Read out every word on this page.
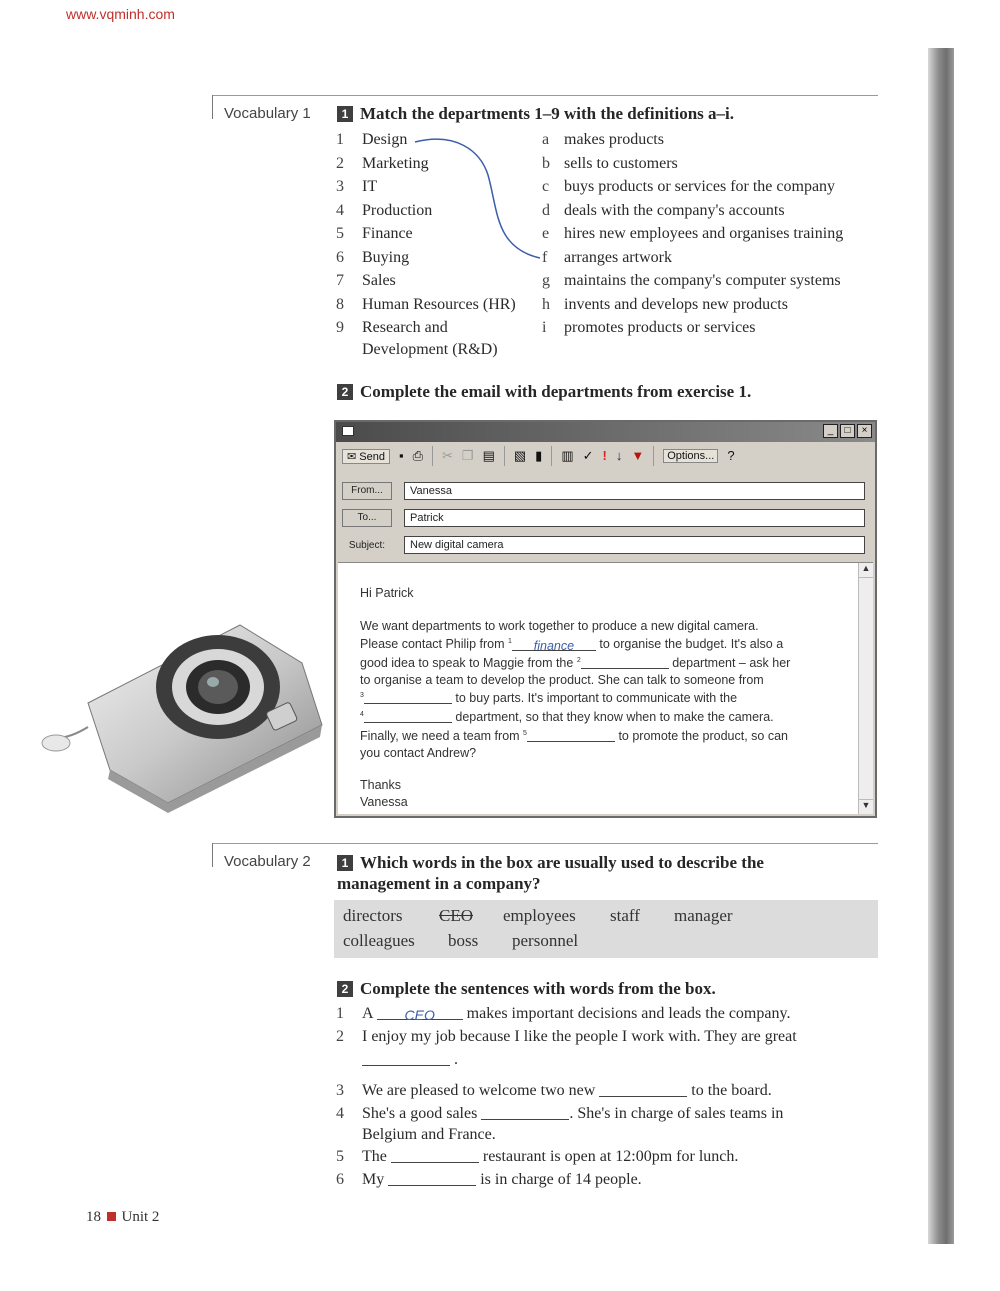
www.vqminh.com
Vocabulary 1	1 Match the departments 1–9 with the definitions a–i.
1 Design
2 Marketing
3 IT
4 Production
5 Finance
6 Buying
7 Sales
8 Human Resources (HR)
9 Research and
Development (R&D)
a makes products
b sells to customers
c buys products or services for the company
d deals with the company's accounts
e hires new employees and organises training
f arranges artwork
g maintains the company's computer systems
h invents and develops new products
i promotes products or services
2 Complete the email with departments from exercise 1.
_	□	×
✉ Send	▪ ⎙ ✂ ❐ ▤ ▧ ▮ ▥ ✓ ! ↓ ▼	Options...	?
From...	Vanessa
To...	Patrick
Subject:	New digital camera
▲
▼
Hi Patrick
We want departments to work together to produce a new digital camera.
Please contact Philip from $^1$ finance to organise the budget. It's also a
good idea to speak to Maggie from the $^2$	department – ask her
to organise a team to develop the product. She can talk to someone from
$^3$	to buy parts. It's important to communicate with the
$^4$	department, so that they know when to make the camera.
Finally, we need a team from $^5$	to promote the product, so can
you contact Andrew?
Thanks
Vanessa
Vocabulary 2	1 Which words in the box are usually used to describe the
management in a company?
directors	CEO	employees	staff	manager
colleagues	boss	personnel
2 Complete the sentences with words from the box.
1 A CEO makes important decisions and leads the company.
2 I enjoy my job because I like the people I work with. They are great
.
3 We are pleased to welcome two new	to the board.
4 She's a good sales	. She's in charge of sales teams in
Belgium and France.
5 The	restaurant is open at 12:00pm for lunch.
6 My	is in charge of 14 people.
18 Unit 2
